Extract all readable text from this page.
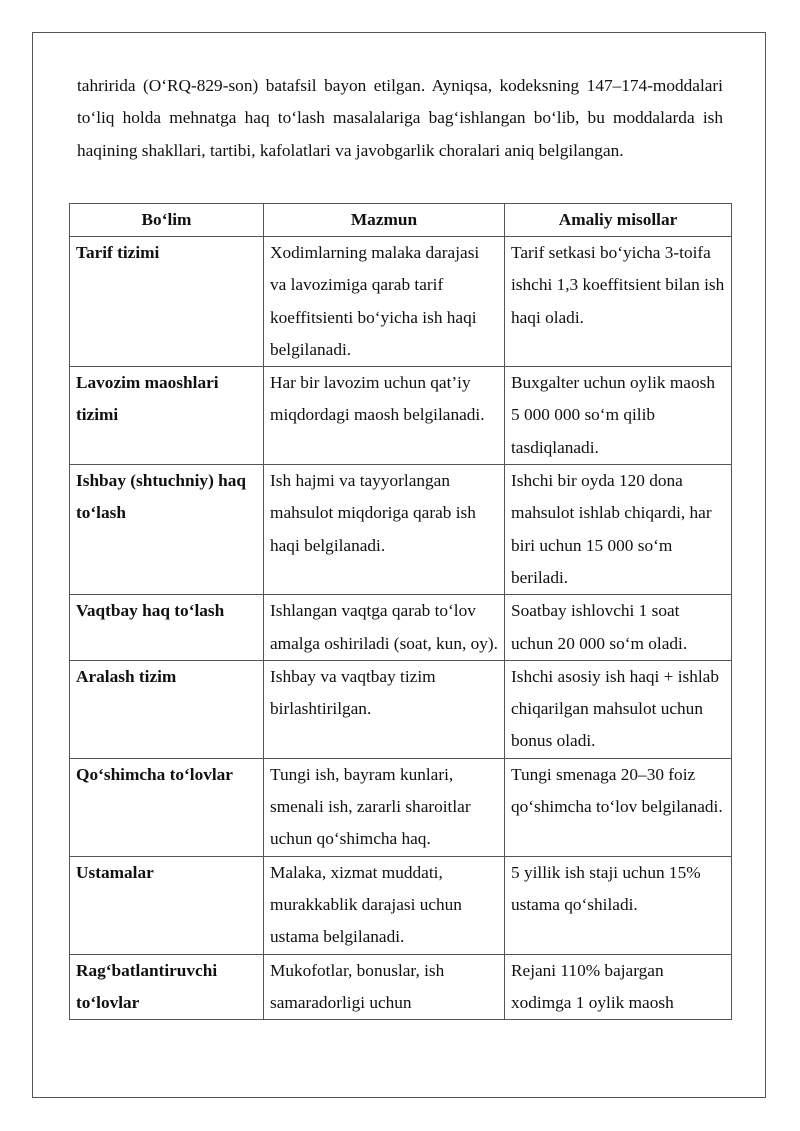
tahririda (O‘RQ-829-son) batafsil bayon etilgan. Ayniqsa, kodeksning 147–174-moddalari to‘liq holda mehnatga haq to‘lash masalalariga bag‘ishlangan bo‘lib, bu moddalarda ish haqining shakllari, tartibi, kafolatlari va javobgarlik choralari aniq belgilangan.

Bo‘lim	Mazmun	Amaliy misollar
Tarif tizimi	Xodimlarning malaka darajasi va lavozimiga qarab tarif koeffitsienti bo‘yicha ish haqi belgilanadi.	Tarif setkasi bo‘yicha 3-toifa ishchi 1,3 koeffitsient bilan ish haqi oladi.
Lavozim maoshlari tizimi	Har bir lavozim uchun qat’iy miqdordagi maosh belgilanadi.	Buxgalter uchun oylik maosh 5 000 000 so‘m qilib tasdiqlanadi.
Ishbay (shtuchniy) haq to‘lash	Ish hajmi va tayyorlangan mahsulot miqdoriga qarab ish haqi belgilanadi.	Ishchi bir oyda 120 dona mahsulot ishlab chiqardi, har biri uchun 15 000 so‘m beriladi.
Vaqtbay haq to‘lash	Ishlangan vaqtga qarab to‘lov amalga oshiriladi (soat, kun, oy).	Soatbay ishlovchi 1 soat uchun 20 000 so‘m oladi.
Aralash tizim	Ishbay va vaqtbay tizim birlashtirilgan.	Ishchi asosiy ish haqi + ishlab chiqarilgan mahsulot uchun bonus oladi.
Qo‘shimcha to‘lovlar	Tungi ish, bayram kunlari, smenali ish, zararli sharoitlar uchun qo‘shimcha haq.	Tungi smenaga 20–30 foiz qo‘shimcha to‘lov belgilanadi.
Ustamalar	Malaka, xizmat muddati, murakkablik darajasi uchun ustama belgilanadi.	5 yillik ish staji uchun 15% ustama qo‘shiladi.
Rag‘batlantiruvchi to‘lovlar	Mukofotlar, bonuslar, ish samaradorligi uchun	Rejani 110% bajargan xodimga 1 oylik maosh
